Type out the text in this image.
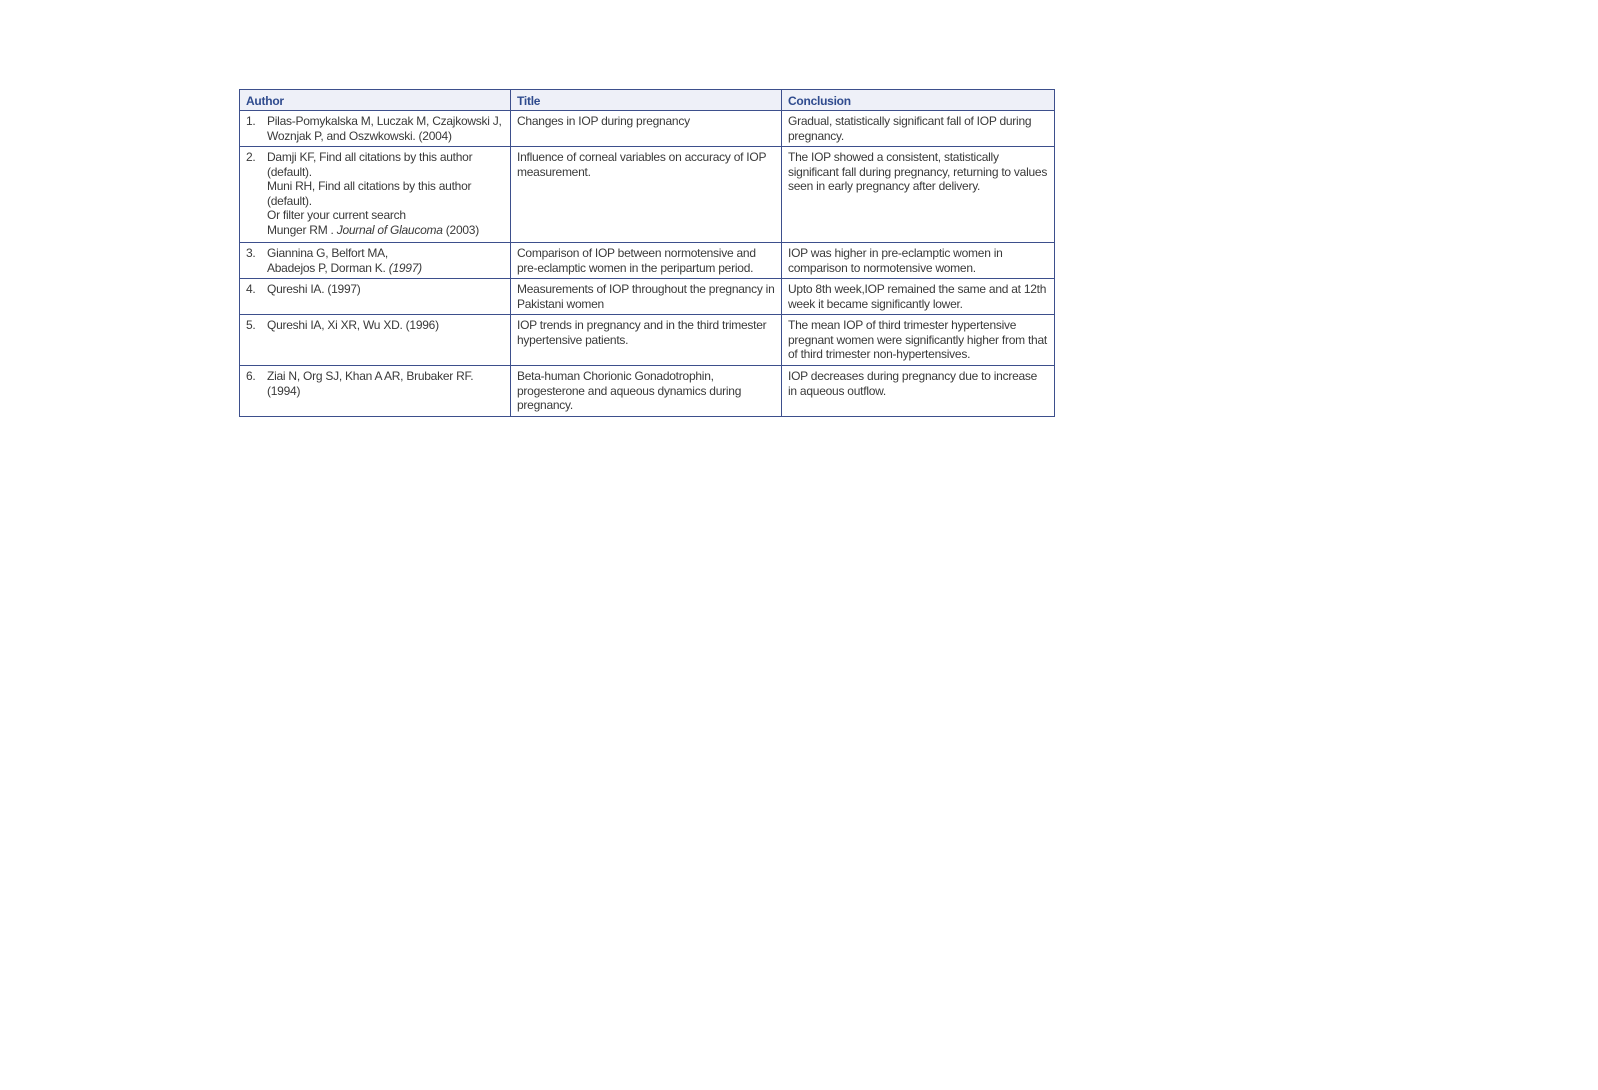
Author	Title	Conclusion
1. Pilas-Pomykalska M, Luczak M, Czajkowski J, Woznjak P, and Oszwkowski. (2004)	Changes in IOP during pregnancy	Gradual, statistically significant fall of IOP during pregnancy.
2. Damji KF, Find all citations by this author (default).
Muni RH, Find all citations by this author (default).
Or filter your current search
Munger RM . Journal of Glaucoma (2003)	Influence of corneal variables on accuracy of IOP measurement.	The IOP showed a consistent, statistically significant fall during pregnancy, returning to values seen in early pregnancy after delivery.
3. Giannina G, Belfort MA,
Abadejos P, Dorman K. (1997)	Comparison of IOP between normotensive and pre-eclamptic women in the peripartum period.	IOP was higher in pre-eclamptic women in comparison to normotensive women.
4. Qureshi IA. (1997)	Measurements of IOP throughout the pregnancy in Pakistani women	Upto 8th week,IOP remained the same and at 12th week it became significantly lower.
5. Qureshi IA, Xi XR, Wu XD. (1996)	IOP trends in pregnancy and in the third trimester hypertensive patients.	The mean IOP of third trimester hypertensive pregnant women were significantly higher from that of third trimester non-hypertensives.
6. Ziai N, Org SJ, Khan A AR, Brubaker RF. (1994)	Beta-human Chorionic Gonadotrophin, progesterone and aqueous dynamics during pregnancy.	IOP decreases during pregnancy due to increase in aqueous outflow.
